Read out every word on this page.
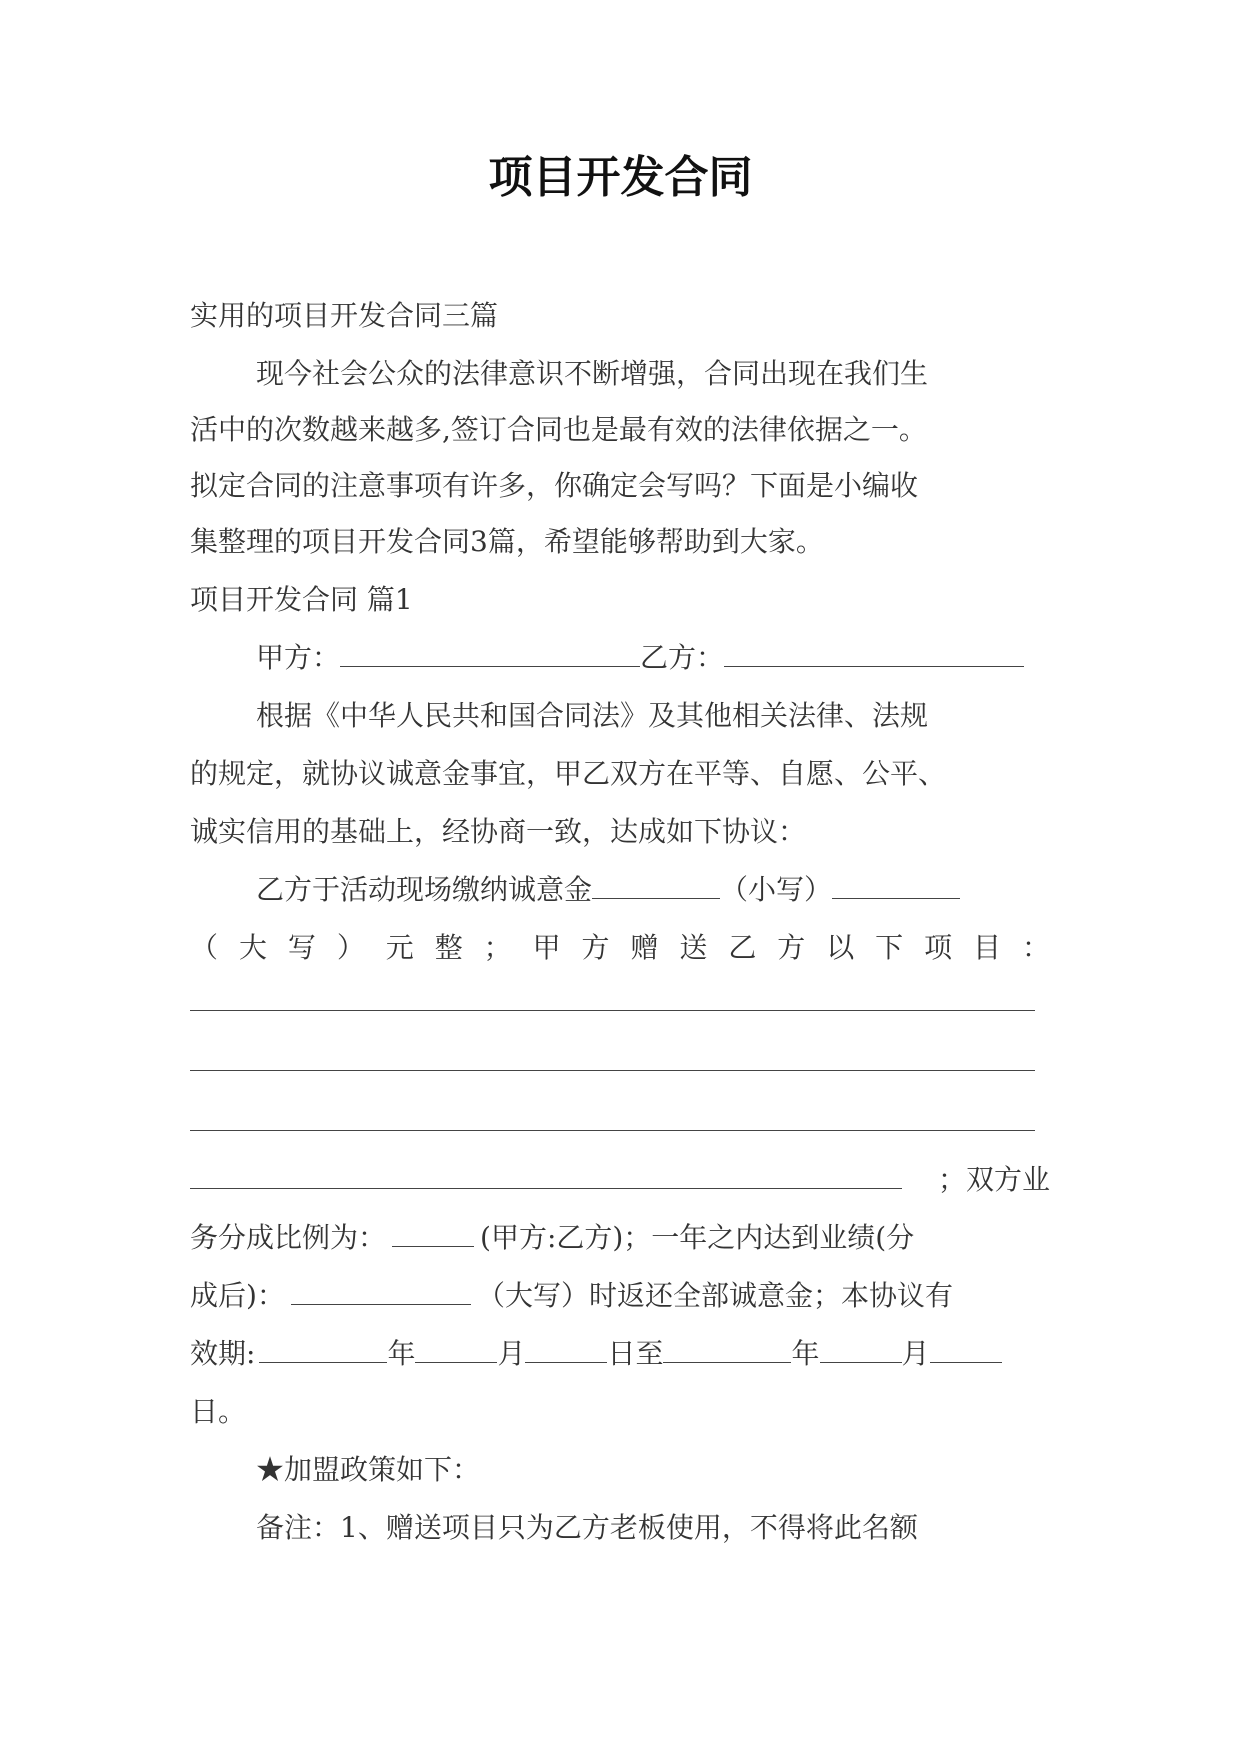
项目开发合同
实用的项目开发合同三篇
现今社会公众的法律意识不断增强，合同出现在我们生
活中的次数越来越多,签订合同也是最有效的法律依据之一。
拟定合同的注意事项有许多，你确定会写吗？下面是小编收
集整理的项目开发合同3篇，希望能够帮助到大家。
项目开发合同 篇1
甲方：	乙方：
根据《中华人民共和国合同法》及其他相关法律、法规
的规定，就协议诚意金事宜，甲乙双方在平等、自愿、公平、
诚实信用的基础上，经协商一致，达成如下协议：
乙方于活动现场缴纳诚意金	（小写）
（ 大 写 ） 元 整 ； 甲 方 赠 送 乙 方 以 下 项 目 ：
；双方业
务分成比例为：	(甲方:乙方)；一年之内达到业绩(分
成后)：	（大写）时返还全部诚意金；本协议有
效期:	年	月	日至	年	月
日。
★加盟政策如下：
备注：1、赠送项目只为乙方老板使用，不得将此名额
